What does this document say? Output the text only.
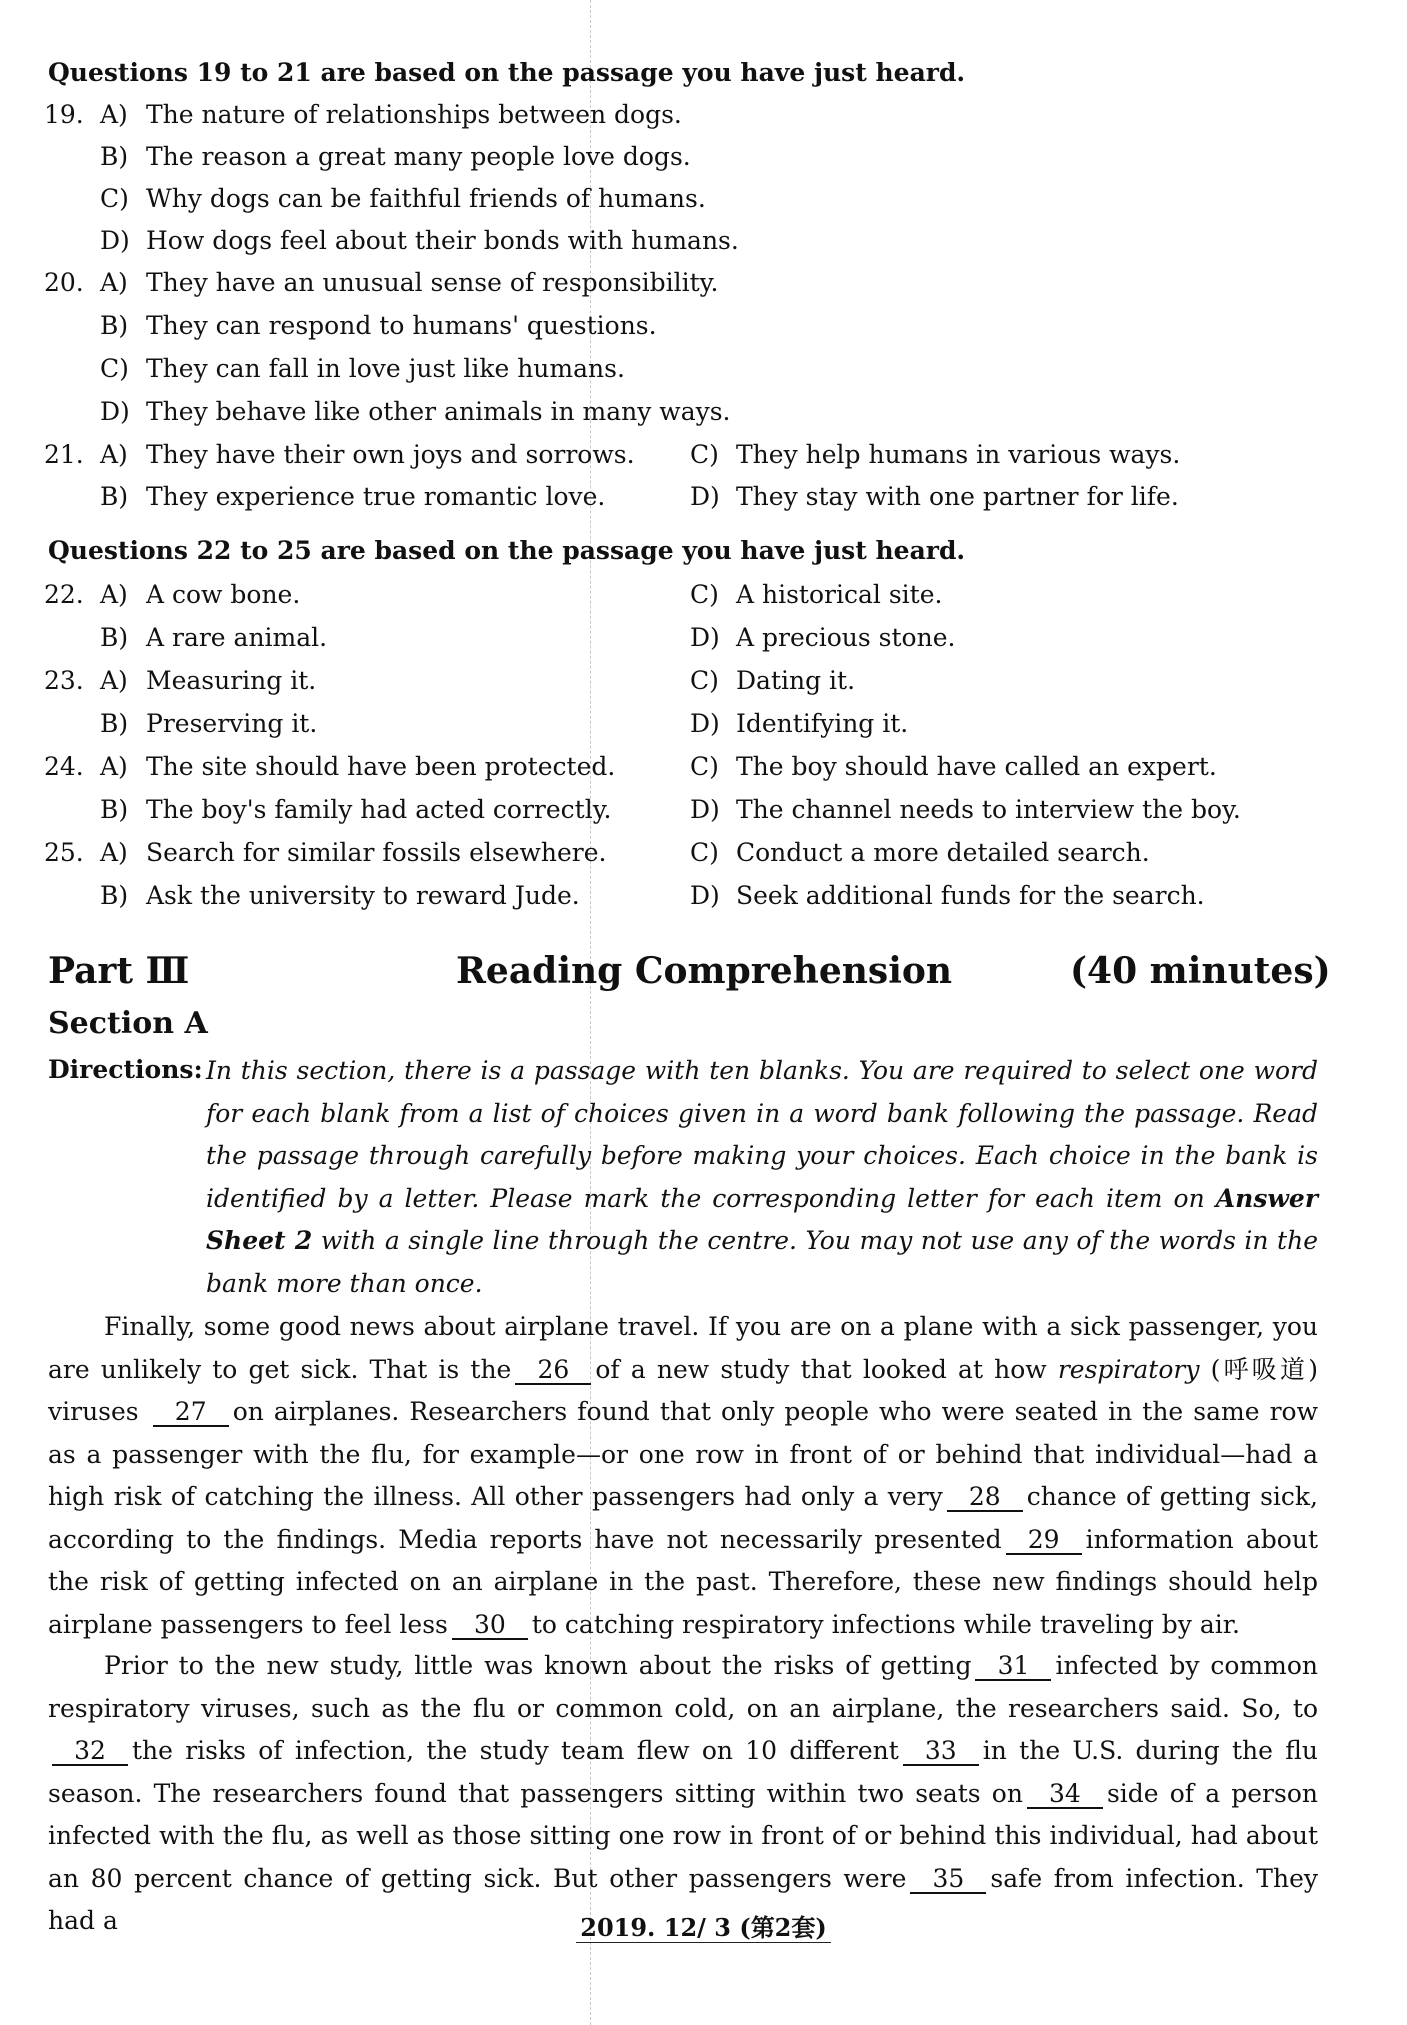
Questions 19 to 21 are based on the passage you have just heard.
19. A) The nature of relationships between dogs.
B) The reason a great many people love dogs.
C) Why dogs can be faithful friends of humans.
D) How dogs feel about their bonds with humans.
20. A) They have an unusual sense of responsibility.
B) They can respond to humans' questions.
C) They can fall in love just like humans.
D) They behave like other animals in many ways.
21. A) They have their own joys and sorrows. C) They help humans in various ways.
B) They experience true romantic love.	D) They stay with one partner for life.
Questions 22 to 25 are based on the passage you have just heard.
22. A) A cow bone.	C) A historical site.
B) A rare animal.	D) A precious stone.
23. A) Measuring it.	C) Dating it.
B) Preserving it.	D) Identifying it.
24. A) The site should have been protected.	C) The boy should have called an expert.
B) The boy's family had acted correctly.	D) The channel needs to interview the boy.
25. A) Search for similar fossils elsewhere.	C) Conduct a more detailed search.
B) Ask the university to reward Jude.	D) Seek additional funds for the search.
Part Ⅲ	Reading Comprehension	(40 minutes)
Section A
Directions: In this section, there is a passage with ten blanks. You are required to select one word for each blank from a list of choices given in a word bank following the passage. Read the passage through carefully before making your choices. Each choice in the bank is identified by a letter. Please mark the corresponding letter for each item on Answer Sheet 2 with a single line through the centre. You may not use any of the words in the bank more than once.
Finally, some good news about airplane travel. If you are on a plane with a sick passenger, you are unlikely to get sick. That is the 26 of a new study that looked at how respiratory (呼吸道) viruses 27 on airplanes. Researchers found that only people who were seated in the same row as a passenger with the flu, for example—or one row in front of or behind that individual—had a high risk of catching the illness. All other passengers had only a very 28 chance of getting sick, according to the findings. Media reports have not necessarily presented 29 information about the risk of getting infected on an airplane in the past. Therefore, these new findings should help airplane passengers to feel less 30 to catching respiratory infections while traveling by air.
Prior to the new study, little was known about the risks of getting 31 infected by common respiratory viruses, such as the flu or common cold, on an airplane, the researchers said. So, to32 the risks of infection, the study team flew on 10 different 33 in the U.S. during the flu season. The researchers found that passengers sitting within two seats on 34 side of a person infected with the flu, as well as those sitting one row in front of or behind this individual, had about an 80 percent chance of getting sick. But other passengers were 35 safe from infection. They had a	2019. 12/ 3 (第2套)
